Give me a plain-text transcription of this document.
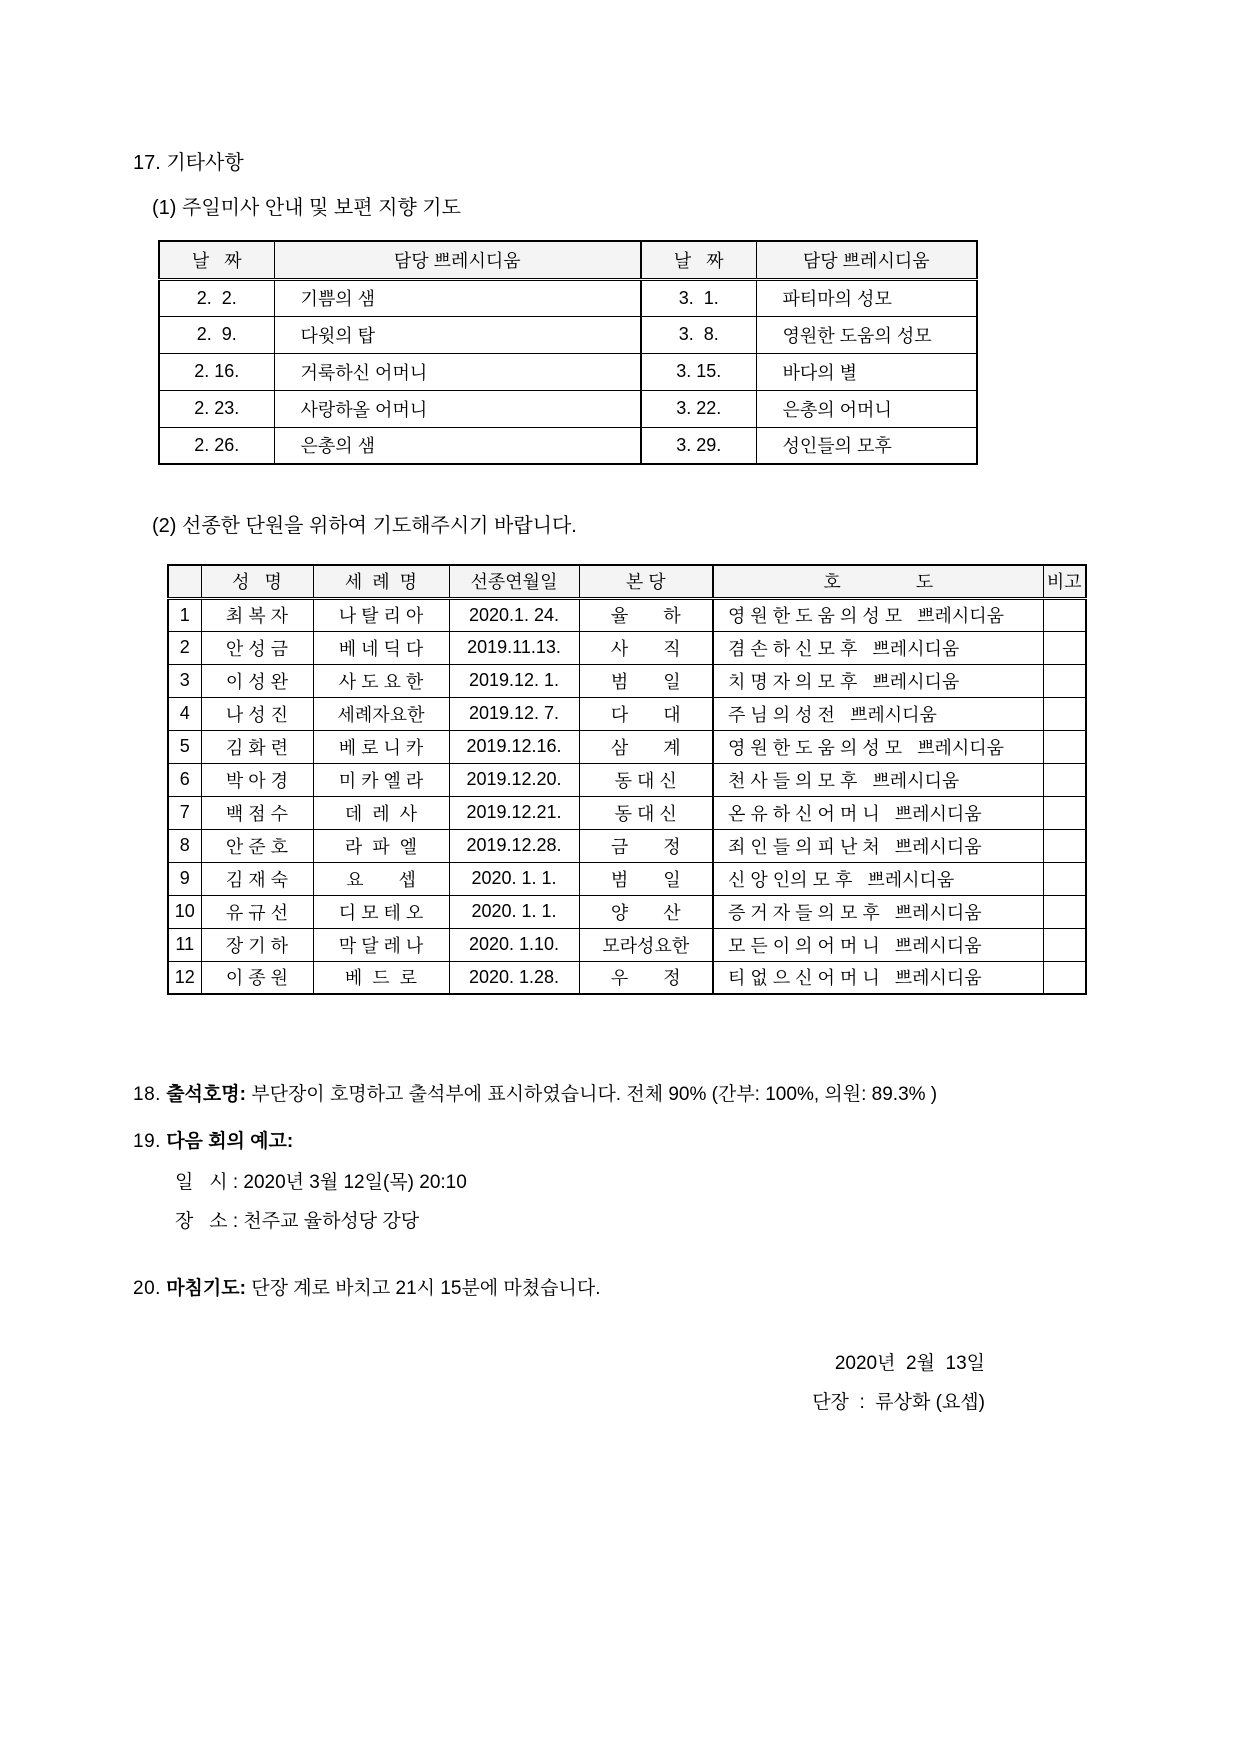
17. 기타사항
(1) 주일미사 안내 및 보편 지향 기도
날   짜	담당 쁘레시디움	날   짜	담당 쁘레시디움
2.  2.	기쁨의 샘	3.  1.	파티마의 성모
2.  9.	다윗의 탑	3.  8.	영원한 도움의 성모
2. 16.	거룩하신 어머니	3. 15.	바다의 별
2. 23.	사랑하올 어머니	3. 22.	은총의 어머니
2. 26.	은총의 샘	3. 29.	성인들의 모후
(2) 선종한 단원을 위하여 기도해주시기 바랍니다.
	성   명	세  례  명	선종연월일	본 당	호               도	비고
1	최 복 자	나 탈 리 아	2020.1. 24.	율       하	영 원 한 도 움 의 성 모   쁘레시디움	
2	안 성 금	베 네 딕 다	2019.11.13.	사       직	겸 손 하 신 모 후   쁘레시디움	
3	이 성 완	사 도 요 한	2019.12. 1.	범       일	치 명 자 의 모 후   쁘레시디움	
4	나 성 진	세례자요한	2019.12. 7.	다       대	주 님 의 성 전   쁘레시디움	
5	김 화 련	베 로 니 카	2019.12.16.	삼       계	영 원 한 도 움 의 성 모   쁘레시디움	
6	박 아 경	미 카 엘 라	2019.12.20.	동 대 신	천 사 들 의 모 후   쁘레시디움	
7	백 점 수	데  레  사	2019.12.21.	동 대 신	온 유 하 신 어 머 니   쁘레시디움	
8	안 준 호	라  파  엘	2019.12.28.	금       정	죄 인 들 의 피 난 처   쁘레시디움	
9	김 재 숙	요       셉	2020. 1. 1.	범       일	신 앙 인의 모 후   쁘레시디움	
10	유 규 선	디 모 테 오	2020. 1. 1.	양       산	증 거 자 들 의 모 후   쁘레시디움	
11	장 기 하	막 달 레 나	2020. 1.10.	모라성요한	모 든 이 의 어 머 니   쁘레시디움	
12	이 종 원	베  드  로	2020. 1.28.	우       정	티 없 으 신 어 머 니   쁘레시디움	
18. 출석호명: 부단장이 호명하고 출석부에 표시하였습니다. 전체 90% (간부: 100%, 의원: 89.3% )
19. 다음 회의 예고:
일   시 : 2020년 3월 12일(목) 20:10
장   소 : 천주교 율하성당 강당
20. 마침기도: 단장 계로 바치고 21시 15분에 마쳤습니다.
2020년  2월  13일
단장  :  류상화 (요셉)
